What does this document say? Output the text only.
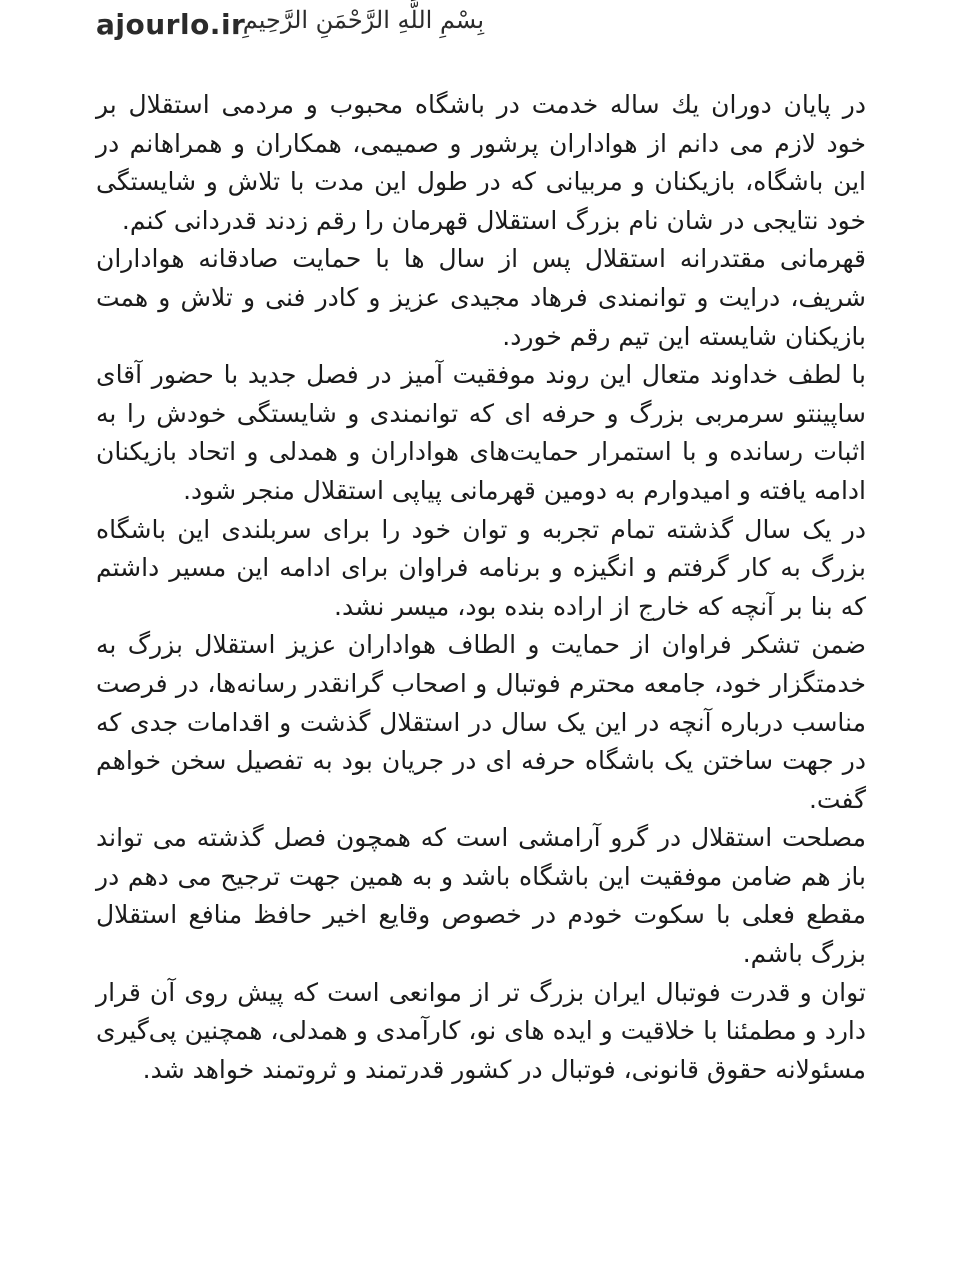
ajourlo.ir
بِسْمِ اللَّهِ الرَّحْمَنِ الرَّحِيمِ

در پایان دوران یك ساله خدمت در باشگاه محبوب و مردمی استقلال بر خود لازم می دانم از هواداران پرشور و صمیمی، همکاران و همراهانم در این باشگاه، بازیکنان و مربیانی که در طول این مدت با تلاش و شایستگی خود نتایجی در شان نام بزرگ استقلال قهرمان را رقم زدند قدردانی کنم.

قهرمانی مقتدرانه استقلال پس از سال ها با حمایت صادقانه هواداران شریف، درایت و توانمندی فرهاد مجیدی عزیز و کادر فنی و تلاش و همت بازیکنان شایسته این تیم رقم خورد.

با لطف خداوند متعال این روند موفقیت آمیز در فصل جدید با حضور آقای ساپینتو سرمربی بزرگ و حرفه ای که توانمندی و شایستگی خودش را به اثبات رسانده و با استمرار حمایت‌های هواداران و همدلی و اتحاد بازیکنان ادامه یافته و امیدوارم به دومین قهرمانی پیاپی استقلال منجر شود.

در یک سال گذشته تمام تجربه و توان خود را برای سربلندی این باشگاه بزرگ به کار گرفتم و انگیزه و برنامه فراوان برای ادامه این مسیر داشتم که بنا بر آنچه که خارج از اراده بنده بود، میسر نشد.

ضمن تشکر فراوان از حمایت و الطاف هواداران عزیز استقلال بزرگ به خدمتگزار خود، جامعه محترم فوتبال و اصحاب گرانقدر رسانه‌ها، در فرصت مناسب درباره آنچه در این یک سال در استقلال گذشت و اقدامات جدی که در جهت ساختن یک باشگاه حرفه ای در جریان بود به تفصیل سخن خواهم گفت.

مصلحت استقلال در گرو آرامشی است که همچون فصل گذشته می تواند باز هم ضامن موفقیت این باشگاه باشد و به همین جهت ترجیح می دهم در مقطع فعلی با سکوت خودم در خصوص وقایع اخیر حافظ منافع استقلال بزرگ باشم.

توان و قدرت فوتبال ایران بزرگ تر از موانعی است که پیش روی آن قرار دارد و مطمئنا با خلاقیت و ایده های نو، کارآمدی و همدلی، همچنین پی‌گیری مسئولانه حقوق قانونی، فوتبال در کشور قدرتمند و ثروتمند خواهد شد.
